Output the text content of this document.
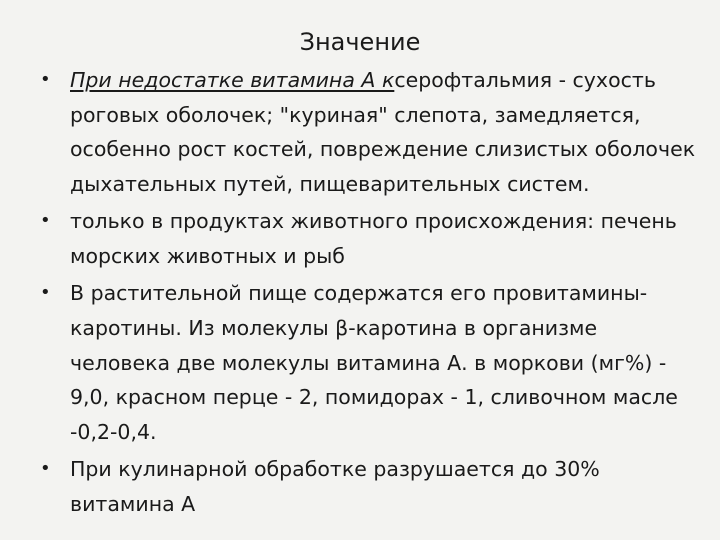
Значение
• При недостатке витамина А ксерофтальмия - сухость роговых оболочек; "куриная" слепота, замедляется, особенно рост костей, повреждение слизистых оболочек дыхательных путей, пищеварительных систем.
• только в продуктах животного происхождения: печень морских животных и рыб
• В растительной пище содержатся его провитамины-каротины. Из молекулы β-каротина в организме человека две молекулы витамина А. в моркови (мг%) - 9,0, красном перце - 2, помидорах - 1, сливочном масле -0,2-0,4.
• При кулинарной обработке разрушается до 30% витамина А
